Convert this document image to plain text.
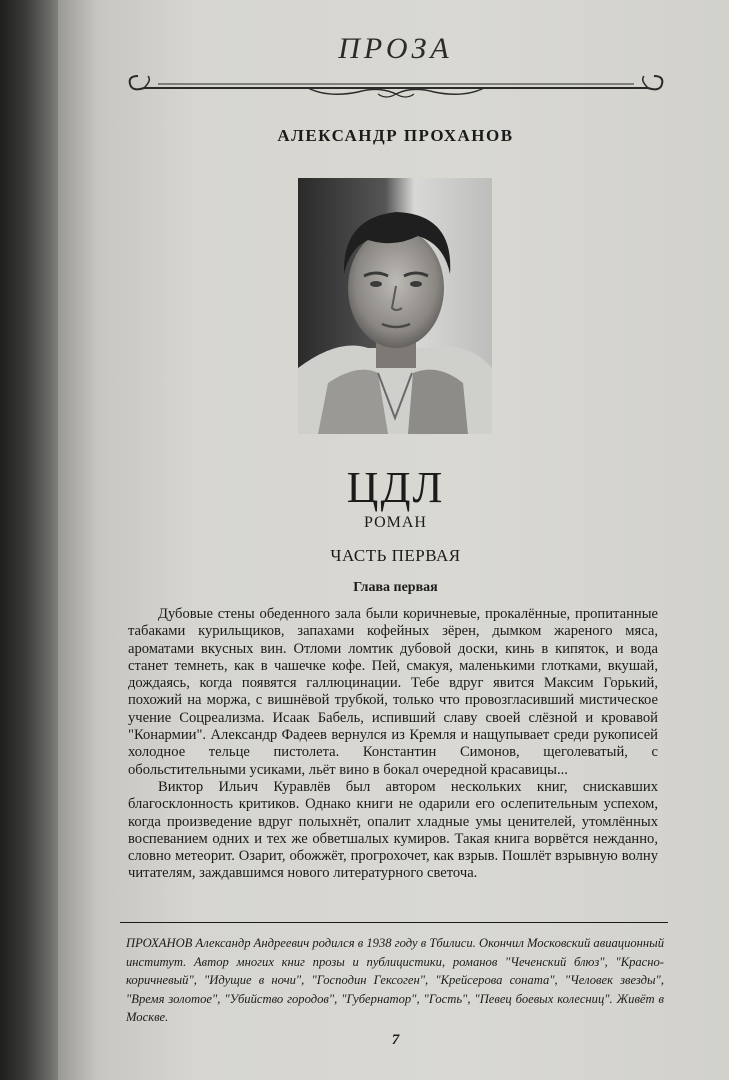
ПРОЗА
АЛЕКСАНДР ПРОХАНОВ
ЦДЛ
РОМАН
ЧАСТЬ ПЕРВАЯ
Глава первая

Дубовые стены обеденного зала были коричневые, прокалённые, пропитанные табаками курильщиков, запахами кофейных зёрен, дымком жареного мяса, ароматами вкусных вин. Отломи ломтик дубовой доски, кинь в кипяток, и вода станет темнеть, как в чашечке кофе. Пей, смакуя, маленькими глотками, вкушай, дождаясь, когда появятся галлюцинации. Тебе вдруг явится Максим Горький, похожий на моржа, с вишнёвой трубкой, только что провозгласивший мистическое учение Соцреализма. Исаак Бабель, испивший славу своей слёзной и кровавой "Конармии". Александр Фадеев вернулся из Кремля и нащупывает среди рукописей холодное тельце пистолета. Константин Симонов, щеголеватый, с обольстительными усиками, льёт вино в бокал очередной красавицы...

Виктор Ильич Куравлёв был автором нескольких книг, снискавших благосклонность критиков. Однако книги не одарили его ослепительным успехом, когда произведение вдруг полыхнёт, опалит хладные умы ценителей, утомлённых воспеванием одних и тех же обветшалых кумиров. Такая книга ворвётся нежданно, словно метеорит. Озарит, обожжёт, прогрохочет, как взрыв. Пошлёт взрывную волну читателям, заждавшимся нового литературного светоча.

ПРОХАНОВ Александр Андреевич родился в 1938 году в Тбилиси. Окончил Московский авиационный институт. Автор многих книг прозы и публицистики, романов "Чеченский блюз", "Красно-коричневый", "Идущие в ночи", "Господин Гексоген", "Крейсерова соната", "Человек звезды", "Время золотое", "Убийство городов", "Губернатор", "Гость", "Певец боевых колесниц". Живёт в Москве.
7
